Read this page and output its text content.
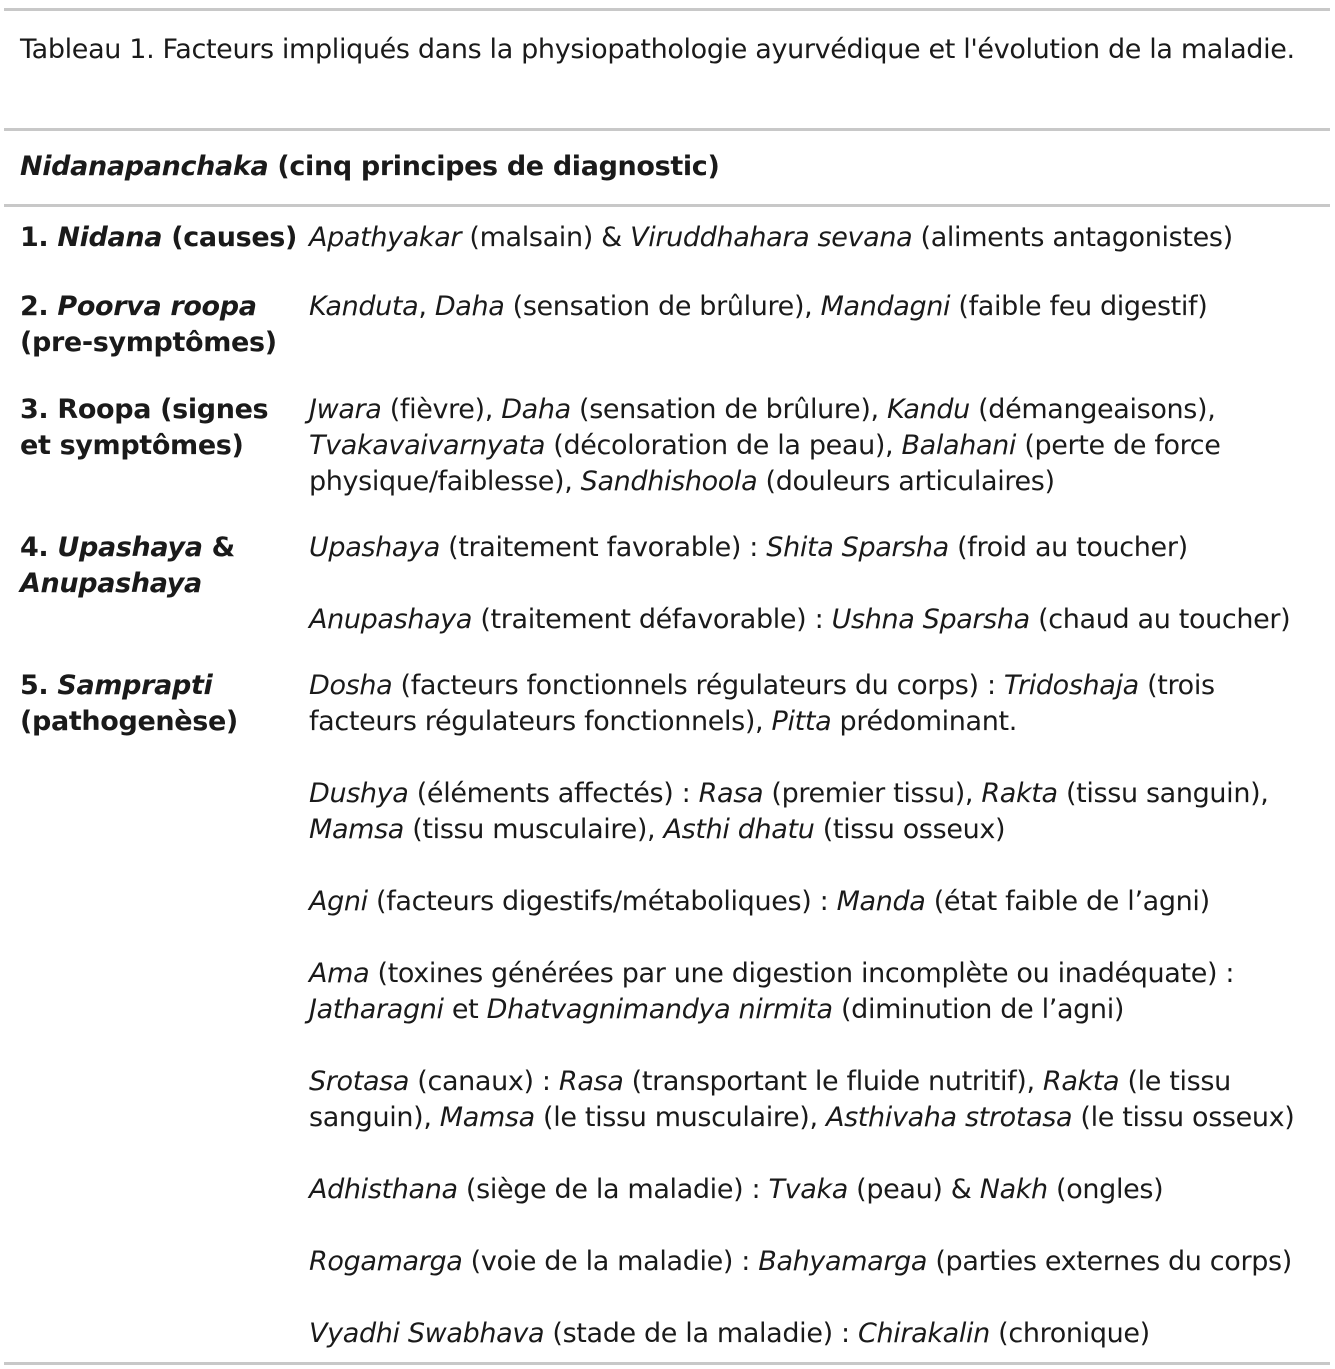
Tableau 1. Facteurs impliqués dans la physiopathologie ayurvédique et l'évolution de la maladie.
Nidanapanchaka (cinq principes de diagnostic)
1. Nidana (causes) Apathyakar (malsain) & Viruddhahara sevana (aliments antagonistes)
2. Poorva roopa (pre-symptômes)
Kanduta, Daha (sensation de brûlure), Mandagni (faible feu digestif)
3. Roopa (signes et symptômes)
Jwara (fièvre), Daha (sensation de brûlure), Kandu (démangeaisons), Tvakavaivarnyata (décoloration de la peau), Balahani (perte de force physique/faiblesse), Sandhishoola (douleurs articulaires)
4. Upashaya & Anupashaya
Upashaya (traitement favorable) : Shita Sparsha (froid au toucher)
Anupashaya (traitement défavorable) : Ushna Sparsha (chaud au toucher)
5. Samprapti (pathogenèse)
Dosha (facteurs fonctionnels régulateurs du corps) : Tridoshaja (trois facteurs régulateurs fonctionnels), Pitta prédominant.
Dushya (éléments affectés) : Rasa (premier tissu), Rakta (tissu sanguin), Mamsa (tissu musculaire), Asthi dhatu (tissu osseux)
Agni (facteurs digestifs/métaboliques) : Manda (état faible de l’agni)
Ama (toxines générées par une digestion incomplète ou inadéquate) : Jatharagni et Dhatvagnimandya nirmita (diminution de l’agni)
Srotasa (canaux) : Rasa (transportant le fluide nutritif), Rakta (le tissu sanguin), Mamsa (le tissu musculaire), Asthivaha strotasa (le tissu osseux)
Adhisthana (siège de la maladie) : Tvaka (peau) & Nakh (ongles)
Rogamarga (voie de la maladie) : Bahyamarga (parties externes du corps)
Vyadhi Swabhava (stade de la maladie) : Chirakalin (chronique)
